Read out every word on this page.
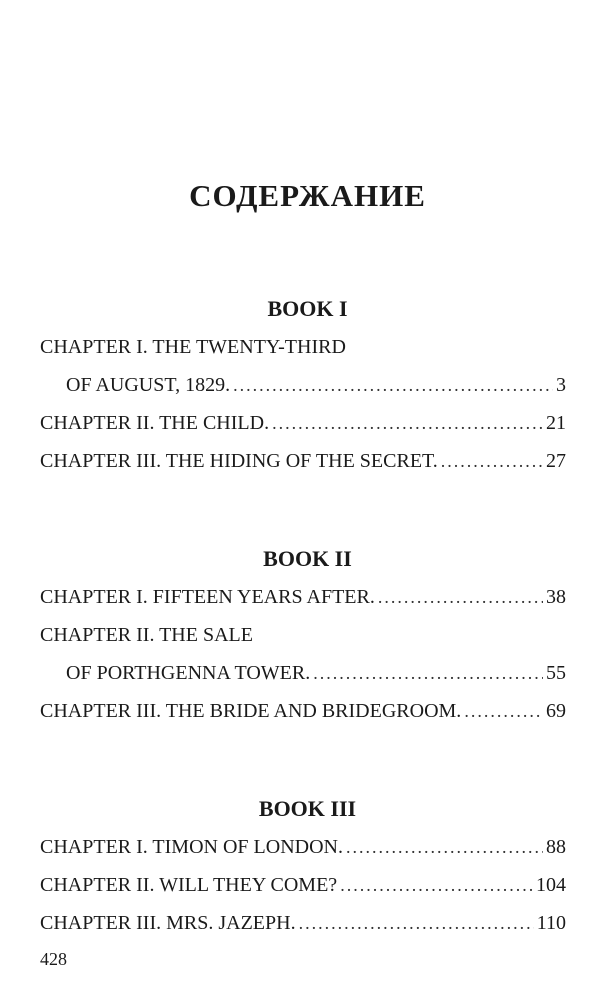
СОДЕРЖАНИЕ
BOOK I
CHAPTER I. THE TWENTY-THIRD
OF AUGUST, 1829. .....	3
CHAPTER II. THE CHILD. .....	21
CHAPTER III. THE HIDING OF THE SECRET. .....	27
BOOK II
CHAPTER I. FIFTEEN YEARS AFTER. .....	38
CHAPTER II. THE SALE
OF PORTHGENNA TOWER. .....	55
CHAPTER III. THE BRIDE AND BRIDEGROOM. .....	69
BOOK III
CHAPTER I. TIMON OF LONDON. .....	88
CHAPTER II. WILL THEY COME? .....	104
CHAPTER III. MRS. JAZEPH. .....	110
428
